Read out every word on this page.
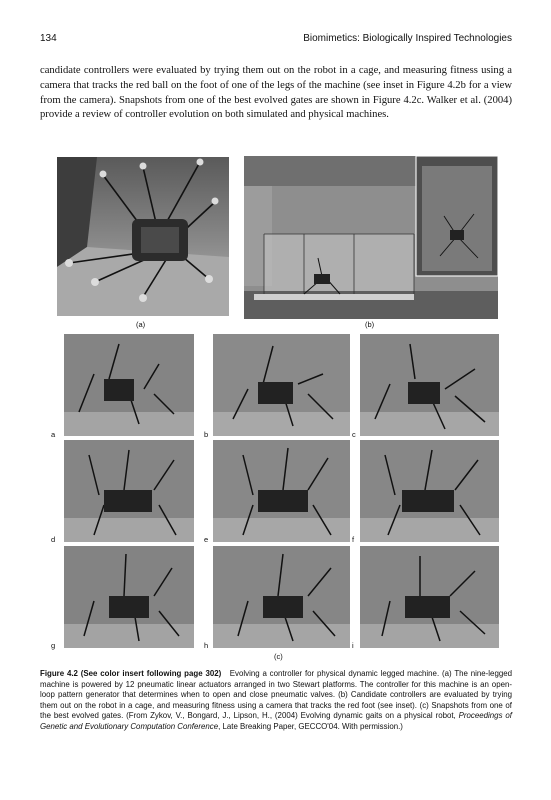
134	Biomimetics: Biologically Inspired Technologies
candidate controllers were evaluated by trying them out on the robot in a cage, and measuring fitness using a camera that tracks the red ball on the foot of one of the legs of the machine (see inset in Figure 4.2b for a view from the camera). Snapshots from one of the best evolved gates are shown in Figure 4.2c. Walker et al. (2004) provide a review of controller evolution on both simulated and physical machines.
(a)	(b)
a	b	c
d	e	f
g	h	i
(c)
Figure 4.2 (See color insert following page 302) Evolving a controller for physical dynamic legged machine. (a) The nine-legged machine is powered by 12 pneumatic linear actuators arranged in two Stewart platforms. The controller for this machine is an open-loop pattern generator that determines when to open and close pneumatic valves. (b) Candidate controllers are evaluated by trying them out on the robot in a cage, and measuring fitness using a camera that tracks the red foot (see inset). (c) Snapshots from one of the best evolved gates. (From Zykov, V., Bongard, J., Lipson, H., (2004) Evolving dynamic gaits on a physical robot, Proceedings of Genetic and Evolutionary Computation Conference, Late Breaking Paper, GECCO'04. With permission.)
